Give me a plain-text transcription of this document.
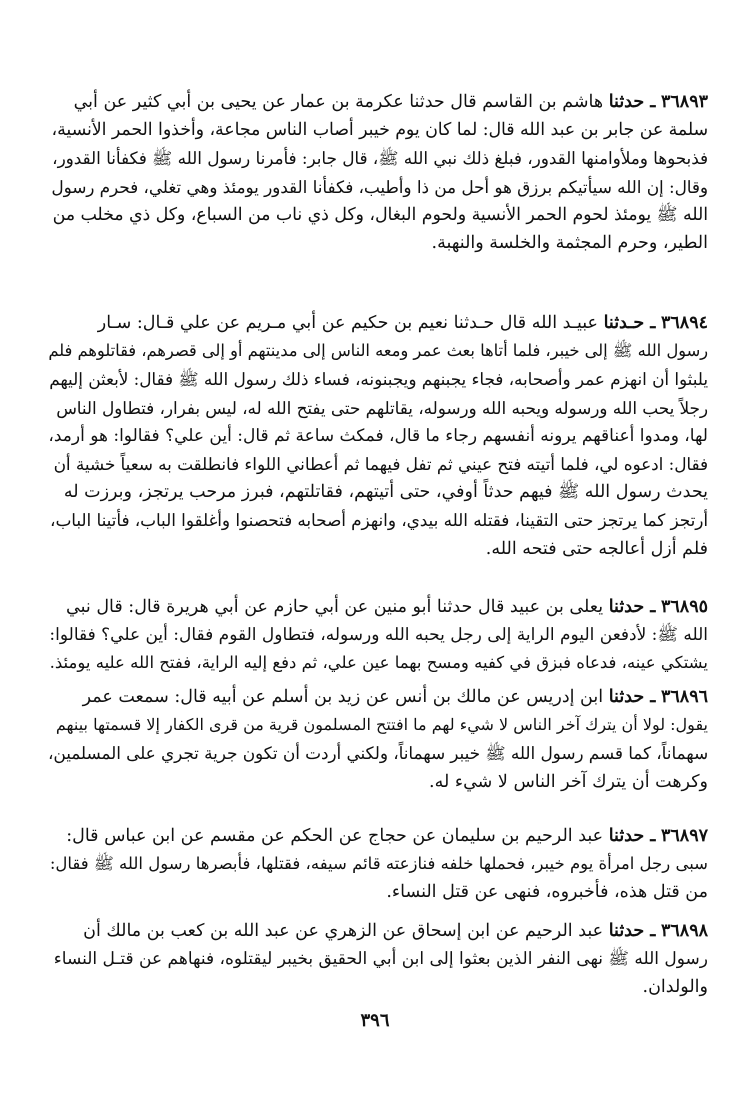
٣٦٨٩٣ ـ حدثنا هاشم بن القاسم قال حدثنا عكرمة بن عمار عن يحيى بن أبي كثير عن أبي
سلمة عن جابر بن عبد الله قال: لما كان يوم خيبر أصاب الناس مجاعة، وأخذوا الحمر الأنسية،
فذبحوها وملأوامنها القدور، فبلغ ذلك نبي الله ﷺ، قال جابر: فأمرنا رسول الله ﷺ فكفأنا القدور،
وقال: إن الله سيأتيكم برزق هو أحل من ذا وأطيب، فكفأنا القدور يومئذ وهي تغلي، فحرم رسول
الله ﷺ يومئذ لحوم الحمر الأنسية ولحوم البغال، وكل ذي ناب من السباع، وكل ذي مخلب من
الطير، وحرم المجثمة والخلسة والنهبة.
٣٦٨٩٤ ـ حـدثنا عبيـد الله قال حـدثنا نعيم بن حكيم عن أبي مـريم عن علي قـال: سـار
رسول الله ﷺ إلى خيبر، فلما أتاها بعث عمر ومعه الناس إلى مدينتهم أو إلى قصرهم، فقاتلوهم فلم
يلبثوا أن انهزم عمر وأصحابه، فجاء يجبنهم ويجبنونه، فساء ذلك رسول الله ﷺ فقال: لأبعثن إليهم
رجلاً يحب الله ورسوله ويحبه الله ورسوله، يقاتلهم حتى يفتح الله له، ليس بفرار، فتطاول الناس
لها، ومدوا أعناقهم يرونه أنفسهم رجاء ما قال، فمكث ساعة ثم قال: أين علي؟ فقالوا: هو أرمد،
فقال: ادعوه لي، فلما أتيته فتح عيني ثم تفل فيهما ثم أعطاني اللواء فانطلقت به سعياً خشية أن
يحدث رسول الله ﷺ فيهم حدثاً أوفي، حتى أتيتهم، فقاتلتهم، فبرز مرحب يرتجز، وبرزت له
أرتجز كما يرتجز حتى التقينا، فقتله الله بيدي، وانهزم أصحابه فتحصنوا وأغلقوا الباب، فأتينا الباب،
فلم أزل أعالجه حتى فتحه الله.
٣٦٨٩٥ ـ حدثنا يعلى بن عبيد قال حدثنا أبو منين عن أبي حازم عن أبي هريرة قال: قال نبي
الله ﷺ: لأدفعن اليوم الراية إلى رجل يحبه الله ورسوله، فتطاول القوم فقال: أين علي؟ فقالوا:
يشتكي عينه، فدعاه فبزق في كفيه ومسح بهما عين علي، ثم دفع إليه الراية، ففتح الله عليه يومئذ.
٣٦٨٩٦ ـ حدثنا ابن إدريس عن مالك بن أنس عن زيد بن أسلم عن أبيه قال: سمعت عمر
يقول: لولا أن يترك آخر الناس لا شيء لهم ما افتتح المسلمون قرية من قرى الكفار إلا قسمتها بينهم
سهماناً، كما قسم رسول الله ﷺ خيبر سهماناً، ولكني أردت أن تكون جرية تجري على المسلمين،
وكرهت أن يترك آخر الناس لا شيء له.
٣٦٨٩٧ ـ حدثنا عبد الرحيم بن سليمان عن حجاج عن الحكم عن مقسم عن ابن عباس قال:
سبى رجل امرأة يوم خيبر، فحملها خلفه فنازعته قائم سيفه، فقتلها، فأبصرها رسول الله ﷺ فقال:
من قتل هذه، فأخبروه، فنهى عن قتل النساء.
٣٦٨٩٨ ـ حدثنا عبد الرحيم عن ابن إسحاق عن الزهري عن عبد الله بن كعب بن مالك أن
رسول الله ﷺ نهى النفر الذين بعثوا إلى ابن أبي الحقيق بخيبر ليقتلوه، فنهاهم عن قتـل النساء
والولدان.
٣٩٦
